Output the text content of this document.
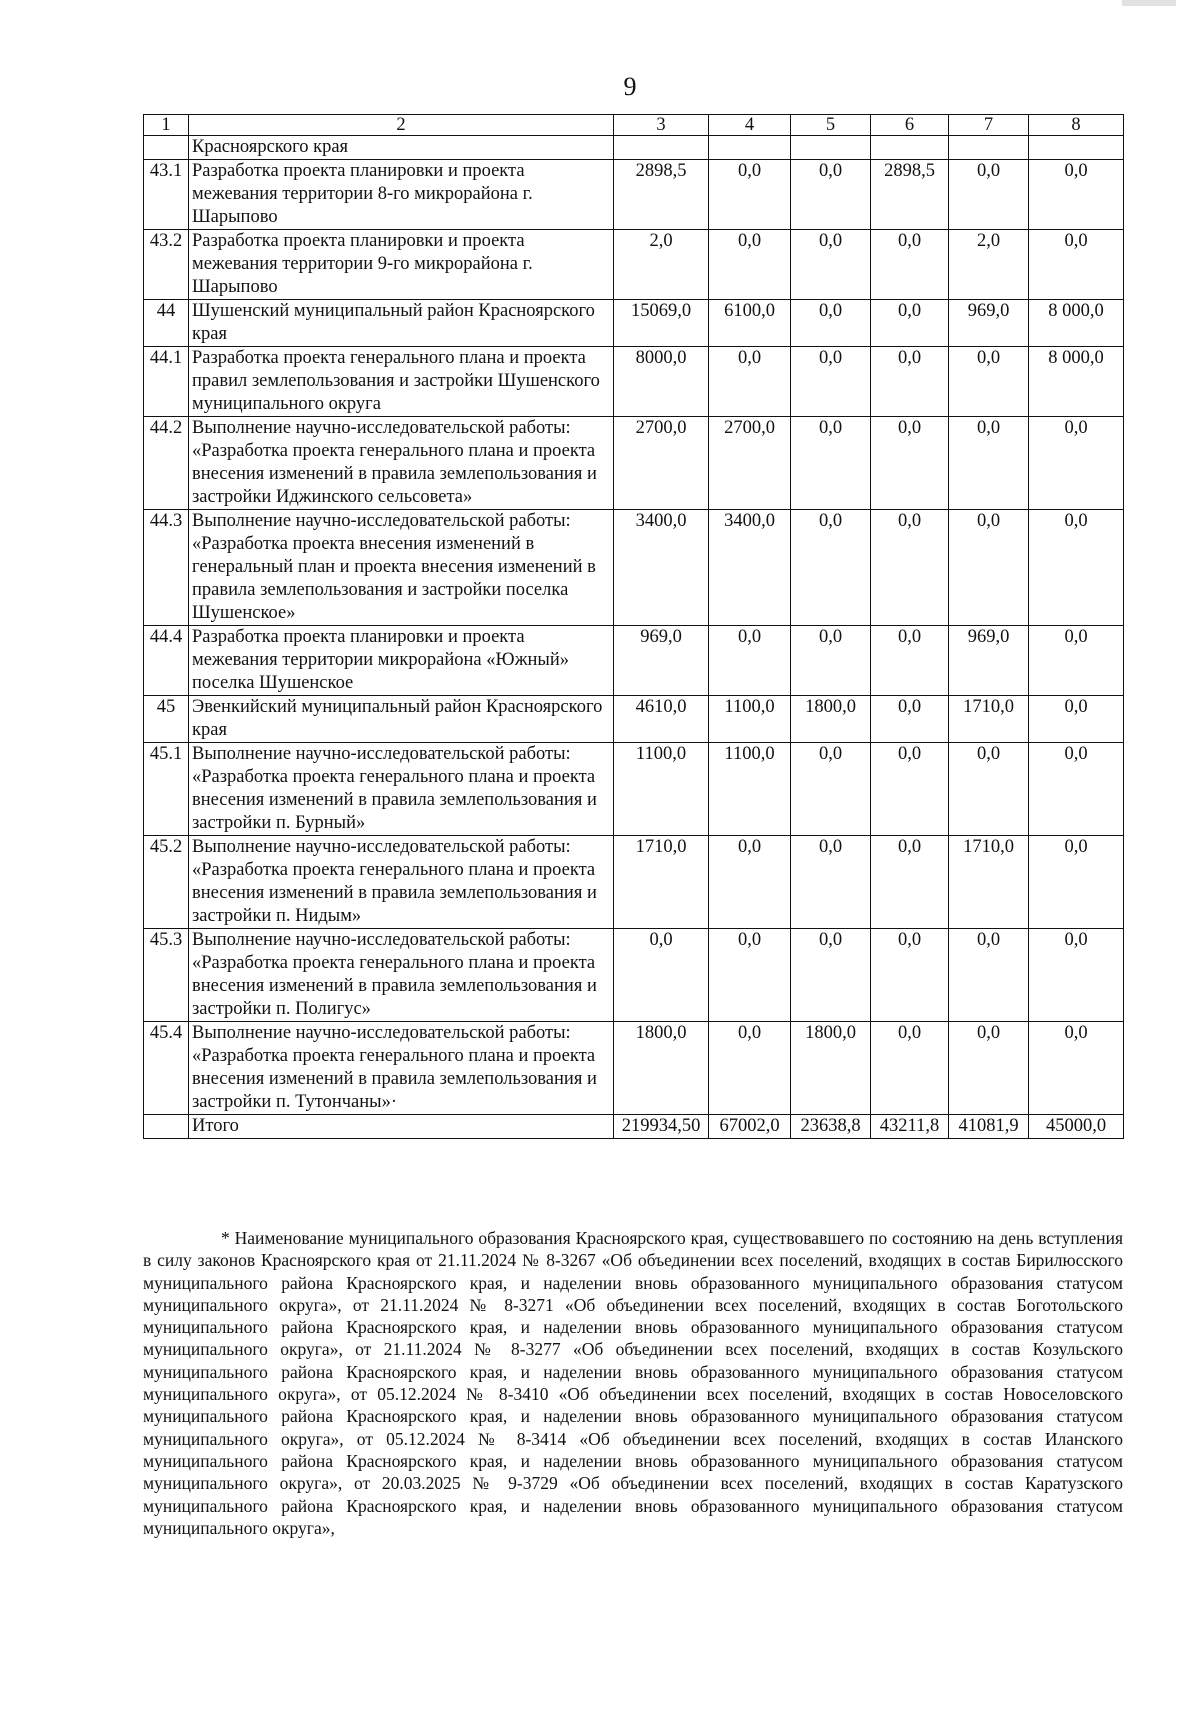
9
1	2	3	4	5	6	7	8
	Красноярского края						
43.1	Разработка проекта планировки и проекта межевания территории 8-го микрорайона г. Шарыпово	2898,5	0,0	0,0	2898,5	0,0	0,0
43.2	Разработка проекта планировки и проекта межевания территории 9-го микрорайона г. Шарыпово	2,0	0,0	0,0	0,0	2,0	0,0
44	Шушенский муниципальный район Красноярского края	15069,0	6100,0	0,0	0,0	969,0	8 000,0
44.1	Разработка проекта генерального плана и проекта правил землепользования и застройки Шушенского муниципального округа	8000,0	0,0	0,0	0,0	0,0	8 000,0
44.2	Выполнение научно-исследовательской работы: «Разработка проекта генерального плана и проекта внесения изменений в правила землепользования и застройки Иджинского сельсовета»	2700,0	2700,0	0,0	0,0	0,0	0,0
44.3	Выполнение научно-исследовательской работы: «Разработка проекта внесения изменений в генеральный план и проекта внесения изменений в правила землепользования и застройки поселка Шушенское»	3400,0	3400,0	0,0	0,0	0,0	0,0
44.4	Разработка проекта планировки и проекта межевания территории микрорайона «Южный» поселка Шушенское	969,0	0,0	0,0	0,0	969,0	0,0
45	Эвенкийский муниципальный район Красноярского края	4610,0	1100,0	1800,0	0,0	1710,0	0,0
45.1	Выполнение научно-исследовательской работы: «Разработка проекта генерального плана и проекта внесения изменений в правила землепользования и застройки п. Бурный»	1100,0	1100,0	0,0	0,0	0,0	0,0
45.2	Выполнение научно-исследовательской работы: «Разработка проекта генерального плана и проекта внесения изменений в правила землепользования и застройки п. Нидым»	1710,0	0,0	0,0	0,0	1710,0	0,0
45.3	Выполнение научно-исследовательской работы: «Разработка проекта генерального плана и проекта внесения изменений в правила землепользования и застройки п. Полигус»	0,0	0,0	0,0	0,0	0,0	0,0
45.4	Выполнение научно-исследовательской работы: «Разработка проекта генерального плана и проекта внесения изменений в правила землепользования и застройки п. Тутончаны»·	1800,0	0,0	1800,0	0,0	0,0	0,0
	Итого	219934,50	67002,0	23638,8	43211,8	41081,9	45000,0
* Наименование муниципального образования Красноярского края, существовавшего по состоянию на день вступления в силу законов Красноярского края от 21.11.2024 № 8-3267 «Об объединении всех поселений, входящих в состав Бирилюсского муниципального района Красноярского края, и наделении вновь образованного муниципального образования статусом муниципального округа», от 21.11.2024 № 8-3271 «Об объединении всех поселений, входящих в состав Боготольского муниципального района Красноярского края, и наделении вновь образованного муниципального образования статусом муниципального округа», от 21.11.2024 № 8-3277 «Об объединении всех поселений, входящих в состав Козульского муниципального района Красноярского края, и наделении вновь образованного муниципального образования статусом муниципального округа», от 05.12.2024 № 8-3410 «Об объединении всех поселений, входящих в состав Новоселовского муниципального района Красноярского края, и наделении вновь образованного муниципального образования статусом муниципального округа», от 05.12.2024 № 8-3414 «Об объединении всех поселений, входящих в состав Иланского муниципального района Красноярского края, и наделении вновь образованного муниципального образования статусом муниципального округа», от 20.03.2025 № 9-3729 «Об объединении всех поселений, входящих в состав Каратузского муниципального района Красноярского края, и наделении вновь образованного муниципального образования статусом муниципального округа»,
